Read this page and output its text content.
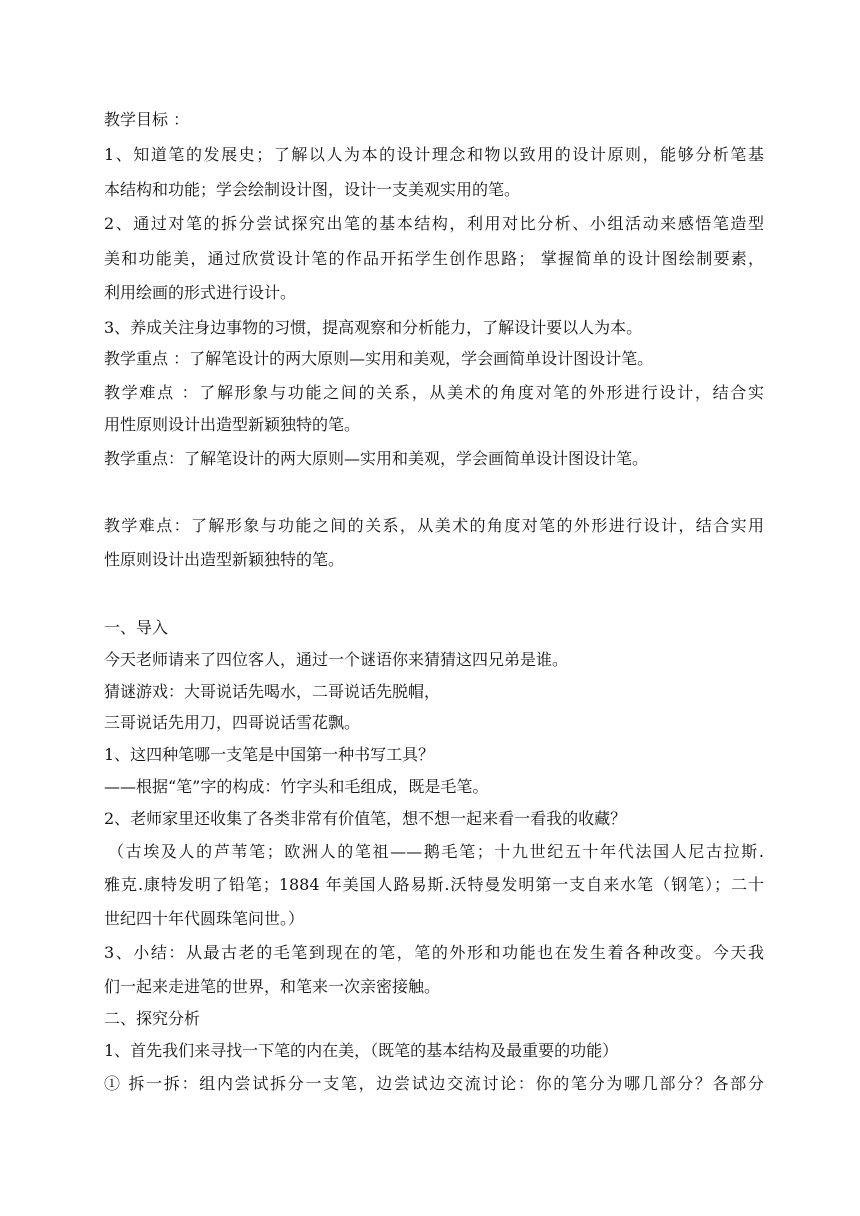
教学目标 ：
1、知道笔的发展史；了解以人为本的设计理念和物以致用的设计原则，能够分析笔基
本结构和功能；学会绘制设计图，设计一支美观实用的笔。
2、通过对笔的拆分尝试探究出笔的基本结构，利用对比分析、小组活动来感悟笔造型
美和功能美，通过欣赏设计笔的作品开拓学生创作思路； 掌握简单的设计图绘制要素，
利用绘画的形式进行设计。
3、养成关注身边事物的习惯，提高观察和分析能力，了解设计要以人为本。
教学重点 ：了解笔设计的两大原则—实用和美观，学会画简单设计图设计笔。
教学难点 ：了解形象与功能之间的关系，从美术的角度对笔的外形进行设计，结合实
用性原则设计出造型新颖独特的笔。
教学重点：了解笔设计的两大原则—实用和美观，学会画简单设计图设计笔。
教学难点：了解形象与功能之间的关系，从美术的角度对笔的外形进行设计，结合实用
性原则设计出造型新颖独特的笔。
一、导入
今天老师请来了四位客人，通过一个谜语你来猜猜这四兄弟是谁。
猜谜游戏：大哥说话先喝水，二哥说话先脱帽，
三哥说话先用刀，四哥说话雪花飘。
1、这四种笔哪一支笔是中国第一种书写工具？
——根据“笔”字的构成：竹字头和毛组成，既是毛笔。
2、老师家里还收集了各类非常有价值笔，想不想一起来看一看我的收藏？
（古埃及人的芦苇笔；欧洲人的笔祖——鹅毛笔；十九世纪五十年代法国人尼古拉斯.
雅克.康特发明了铅笔；1884 年美国人路易斯.沃特曼发明第一支自来水笔（钢笔）；二十
世纪四十年代圆珠笔问世。）
3、小结：从最古老的毛笔到现在的笔，笔的外形和功能也在发生着各种改变。今天我
们一起来走进笔的世界，和笔来一次亲密接触。
二、探究分析
1、首先我们来寻找一下笔的内在美，（既笔的基本结构及最重要的功能）
① 拆一拆：组内尝试拆分一支笔，边尝试边交流讨论：你的笔分为哪几部分？各部分
